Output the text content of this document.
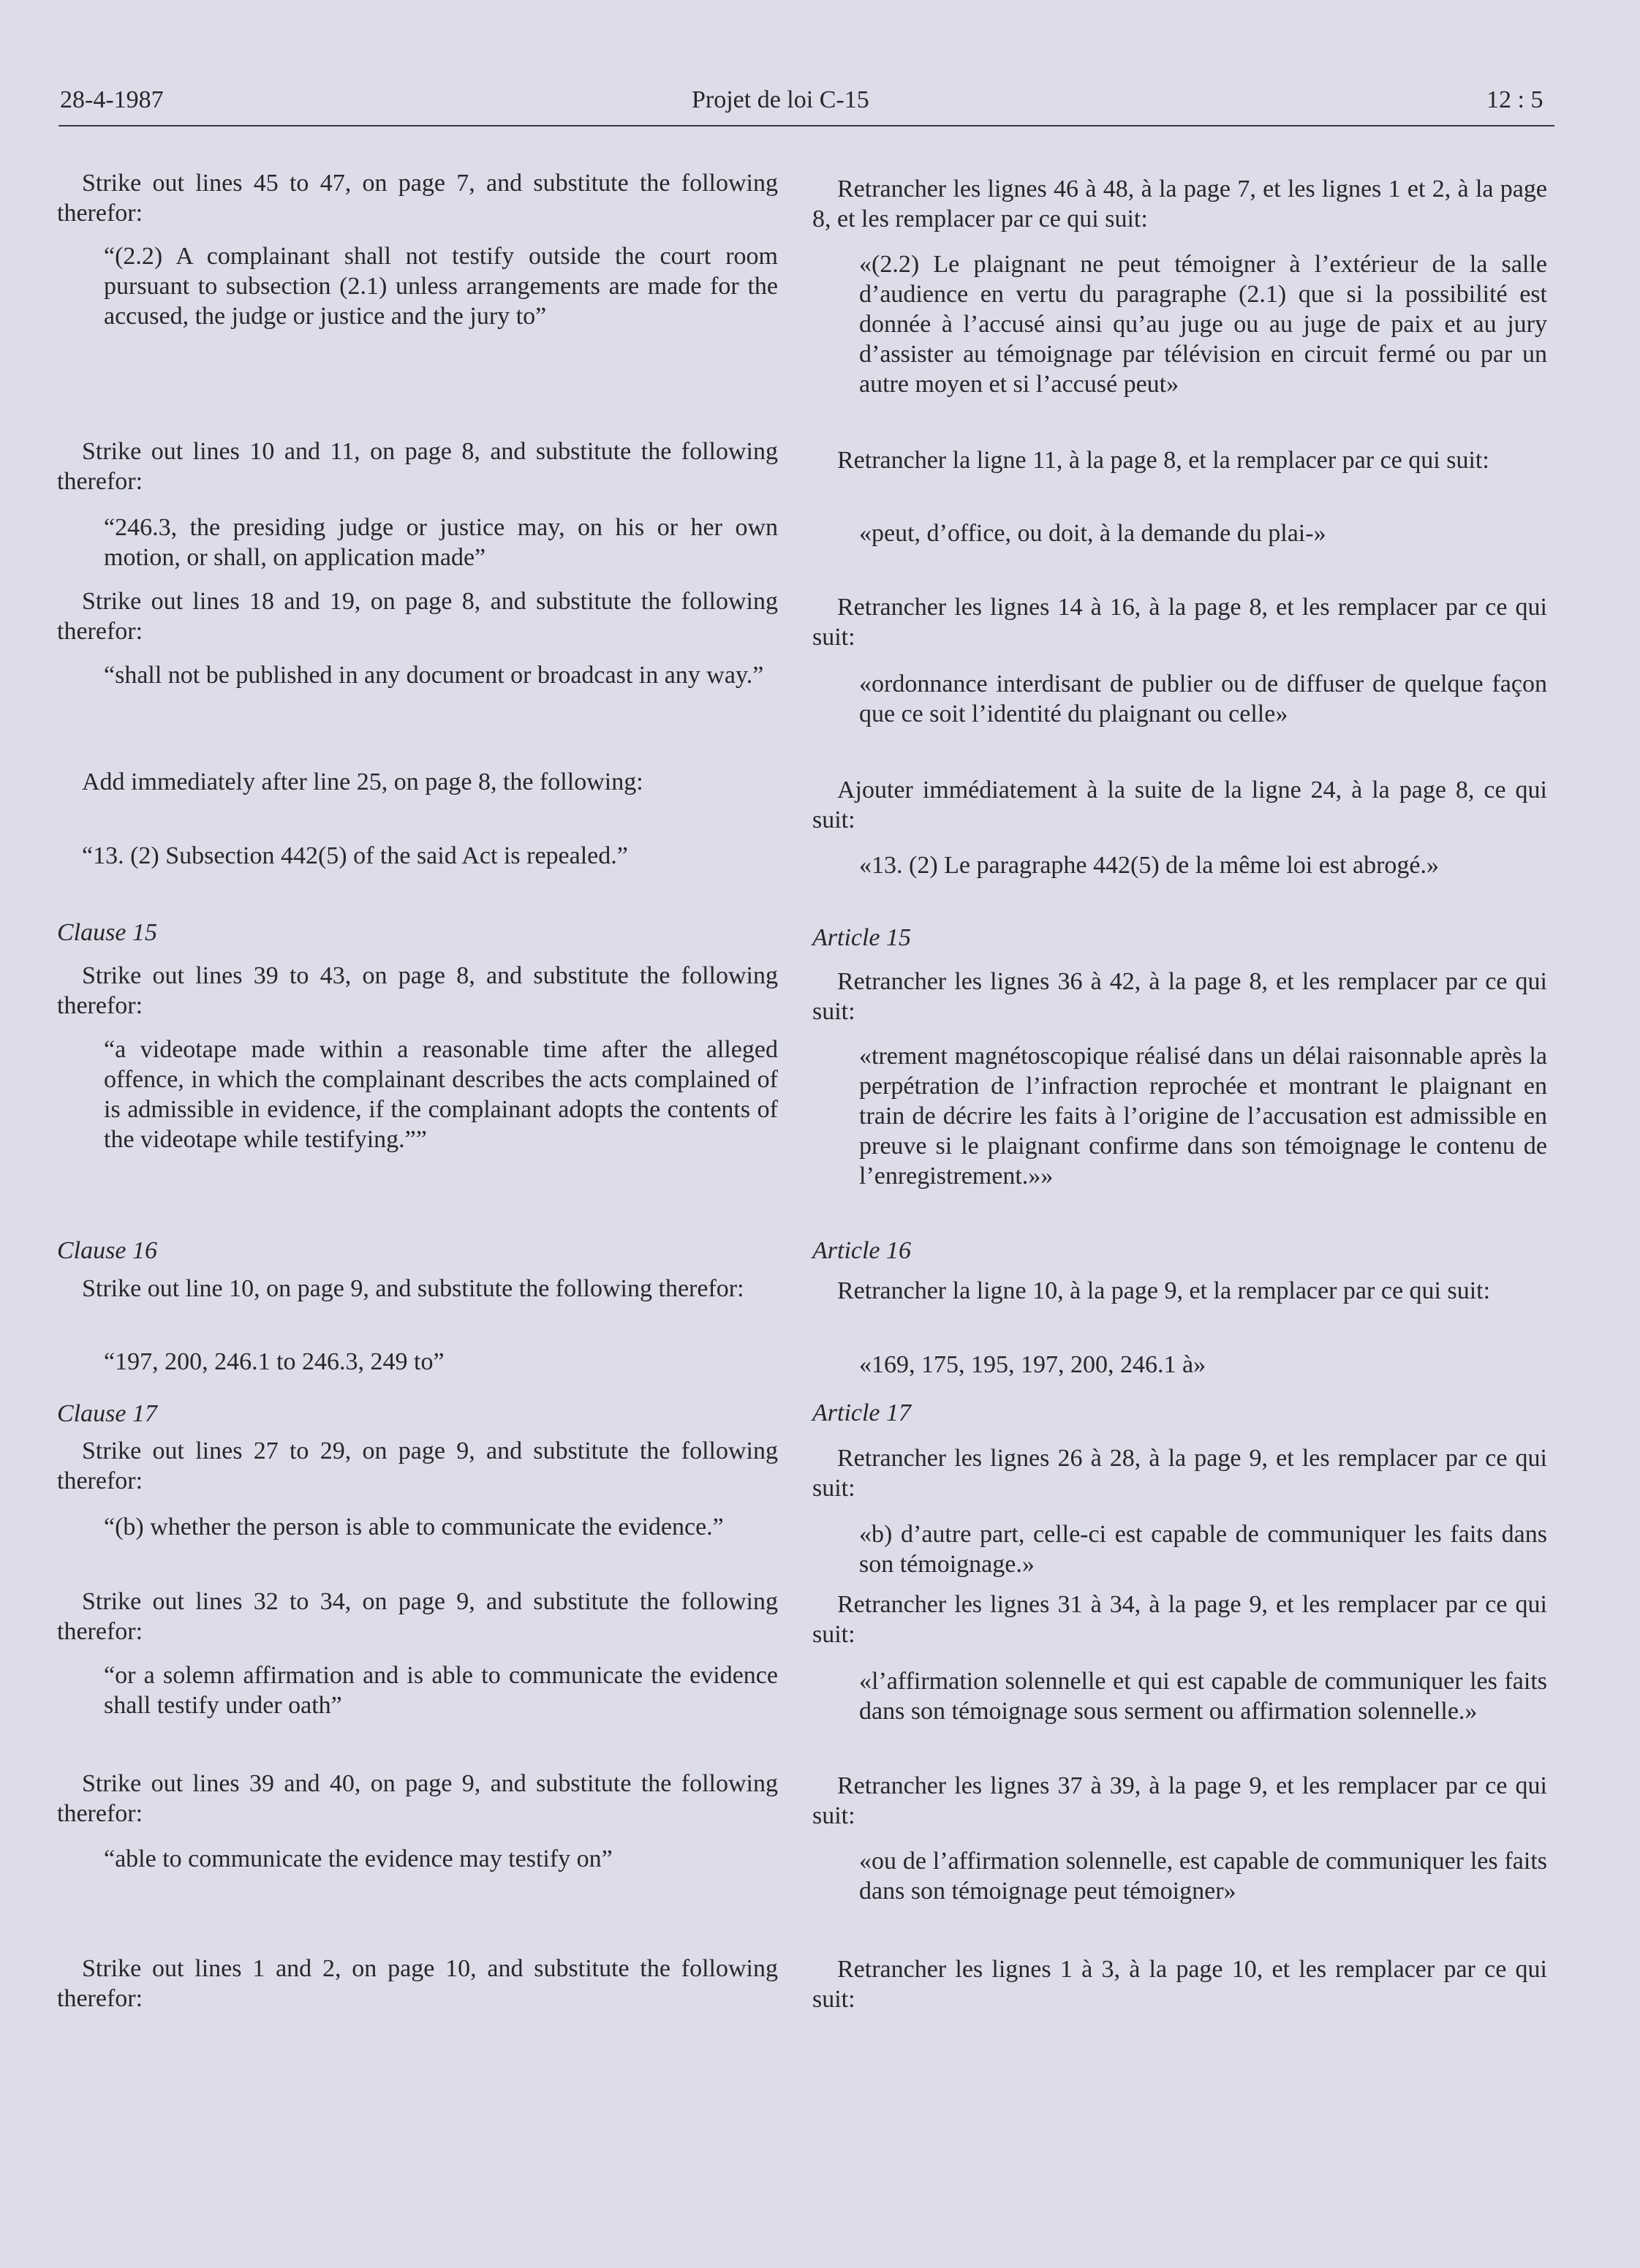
28-4-1987	Projet de loi C-15	12 : 5
Strike out lines 45 to 47, on page 7, and substitute the following therefor:
“(2.2) A complainant shall not testify outside the court room pursuant to subsection (2.1) unless arrangements are made for the accused, the judge or justice and the jury to”
Strike out lines 10 and 11, on page 8, and substitute the following therefor:
“246.3, the presiding judge or justice may, on his or her own motion, or shall, on application made”
Strike out lines 18 and 19, on page 8, and substitute the following therefor:
“shall not be published in any document or broadcast in any way.”
Add immediately after line 25, on page 8, the following:
“13. (2) Subsection 442(5) of the said Act is repealed.”
Clause 15
Strike out lines 39 to 43, on page 8, and substitute the following therefor:
“a videotape made within a reasonable time after the alleged offence, in which the complainant describes the acts complained of is admissible in evidence, if the complainant adopts the contents of the videotape while testifying.””
Clause 16
Strike out line 10, on page 9, and substitute the following therefor:
“197, 200, 246.1 to 246.3, 249 to”
Clause 17
Strike out lines 27 to 29, on page 9, and substitute the following therefor:
“(b) whether the person is able to communicate the evidence.”
Strike out lines 32 to 34, on page 9, and substitute the following therefor:
“or a solemn affirmation and is able to communicate the evidence shall testify under oath”
Strike out lines 39 and 40, on page 9, and substitute the following therefor:
“able to communicate the evidence may testify on”
Strike out lines 1 and 2, on page 10, and substitute the following therefor:
Retrancher les lignes 46 à 48, à la page 7, et les lignes 1 et 2, à la page 8, et les remplacer par ce qui suit:
«(2.2) Le plaignant ne peut témoigner à l’extérieur de la salle d’audience en vertu du paragraphe (2.1) que si la possibilité est donnée à l’accusé ainsi qu’au juge ou au juge de paix et au jury d’assister au témoignage par télévision en circuit fermé ou par un autre moyen et si l’accusé peut»
Retrancher la ligne 11, à la page 8, et la remplacer par ce qui suit:
«peut, d’office, ou doit, à la demande du plai-»
Retrancher les lignes 14 à 16, à la page 8, et les remplacer par ce qui suit:
«ordonnance interdisant de publier ou de diffuser de quelque façon que ce soit l’identité du plaignant ou celle»
Ajouter immédiatement à la suite de la ligne 24, à la page 8, ce qui suit:
«13. (2) Le paragraphe 442(5) de la même loi est abrogé.»
Article 15
Retrancher les lignes 36 à 42, à la page 8, et les remplacer par ce qui suit:
«trement magnétoscopique réalisé dans un délai raisonnable après la perpétration de l’infraction reprochée et montrant le plaignant en train de décrire les faits à l’origine de l’accusation est admissible en preuve si le plaignant confirme dans son témoignage le contenu de l’enregistrement.»»
Article 16
Retrancher la ligne 10, à la page 9, et la remplacer par ce qui suit:
«169, 175, 195, 197, 200, 246.1 à»
Article 17
Retrancher les lignes 26 à 28, à la page 9, et les remplacer par ce qui suit:
«b) d’autre part, celle-ci est capable de communiquer les faits dans son témoignage.»
Retrancher les lignes 31 à 34, à la page 9, et les remplacer par ce qui suit:
«l’affirmation solennelle et qui est capable de communiquer les faits dans son témoignage sous serment ou affirmation solennelle.»
Retrancher les lignes 37 à 39, à la page 9, et les remplacer par ce qui suit:
«ou de l’affirmation solennelle, est capable de communiquer les faits dans son témoignage peut témoigner»
Retrancher les lignes 1 à 3, à la page 10, et les remplacer par ce qui suit:
